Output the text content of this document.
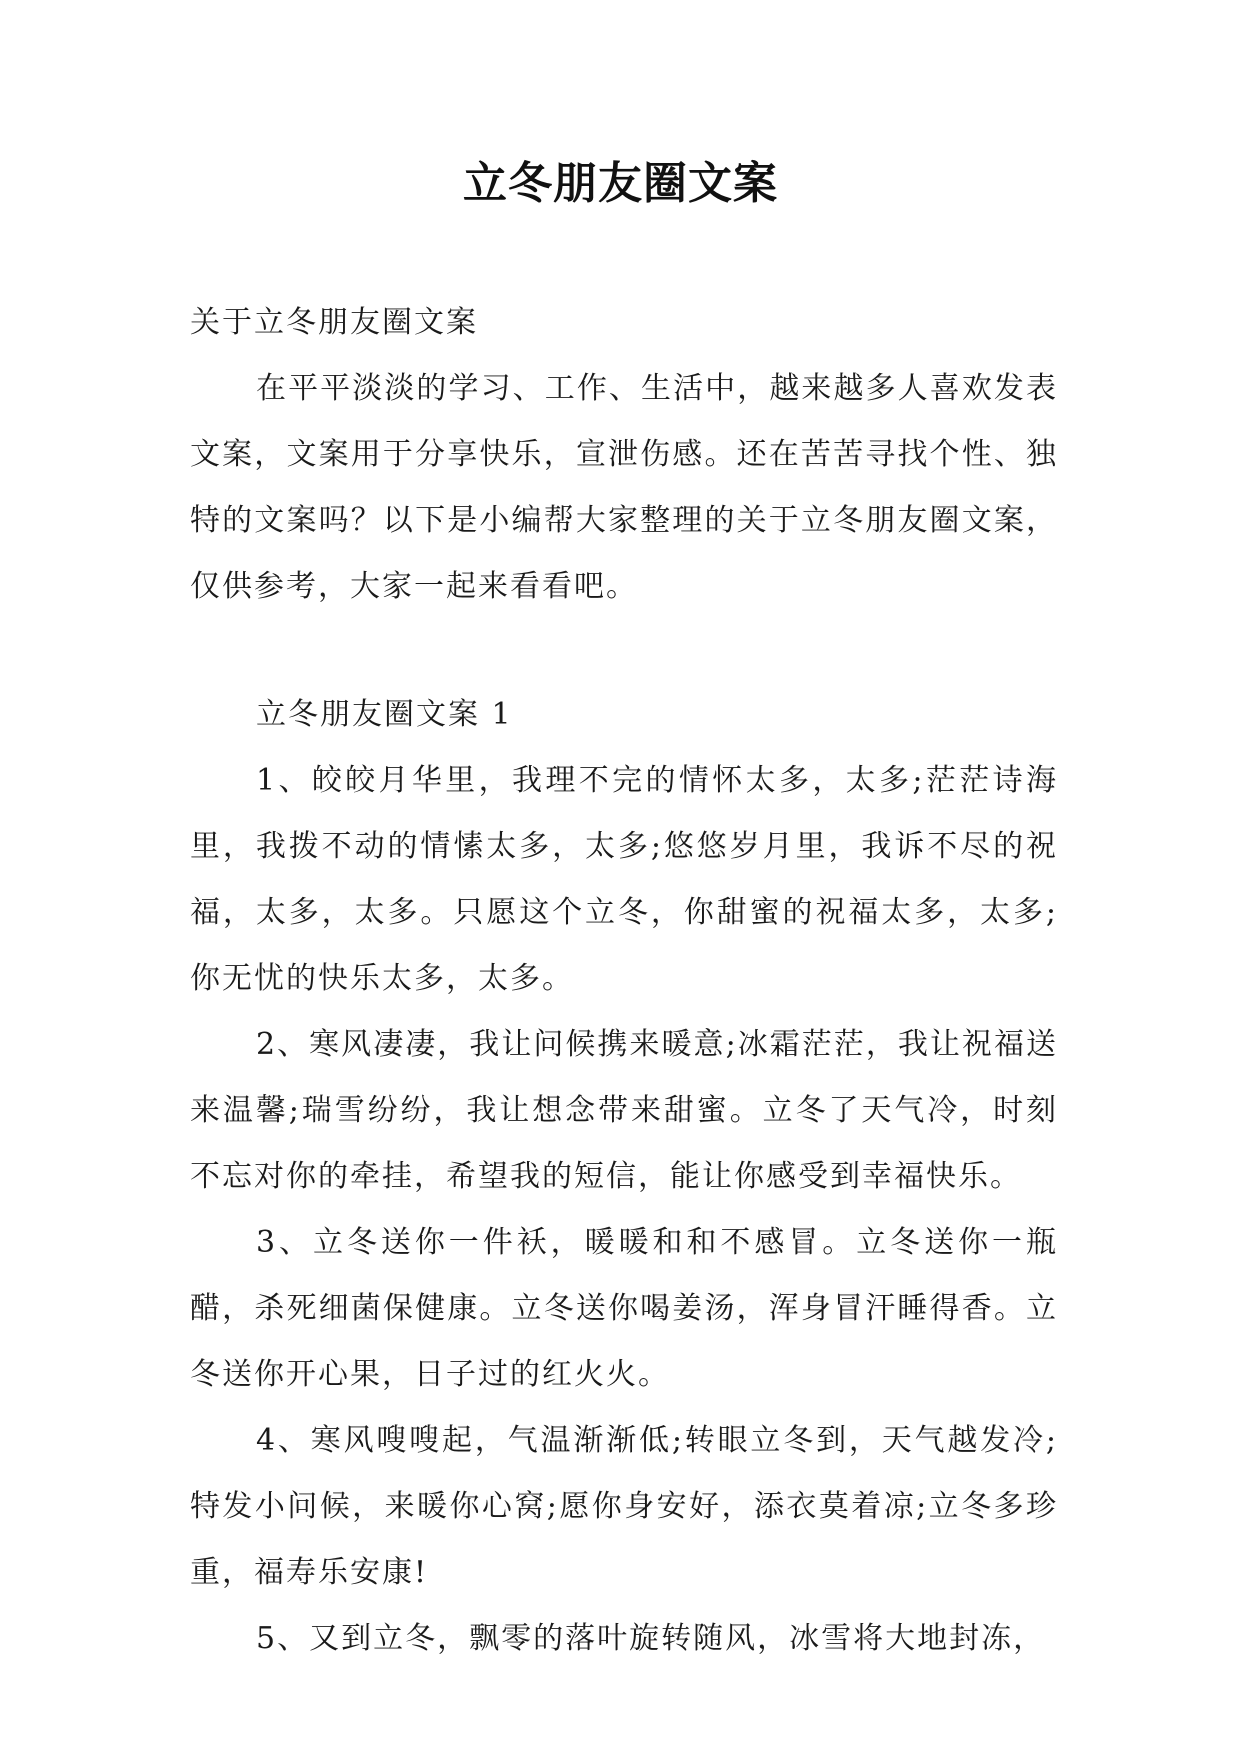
立冬朋友圈文案

关于立冬朋友圈文案

在平平淡淡的学习、工作、生活中，越来越多人喜欢发表文案，文案用于分享快乐，宣泄伤感。还在苦苦寻找个性、独特的文案吗？以下是小编帮大家整理的关于立冬朋友圈文案，仅供参考，大家一起来看看吧。

立冬朋友圈文案 1

1、皎皎月华里，我理不完的情怀太多，太多;茫茫诗海里，我拨不动的情愫太多，太多;悠悠岁月里，我诉不尽的祝福，太多，太多。只愿这个立冬，你甜蜜的祝福太多，太多;你无忧的快乐太多，太多。

2、寒风凄凄，我让问候携来暖意;冰霜茫茫，我让祝福送来温馨;瑞雪纷纷，我让想念带来甜蜜。立冬了天气冷，时刻不忘对你的牵挂，希望我的短信，能让你感受到幸福快乐。

3、立冬送你一件袄，暖暖和和不感冒。立冬送你一瓶醋，杀死细菌保健康。立冬送你喝姜汤，浑身冒汗睡得香。立冬送你开心果，日子过的红火火。

4、寒风嗖嗖起，气温渐渐低;转眼立冬到，天气越发冷;特发小问候，来暖你心窝;愿你身安好，添衣莫着凉;立冬多珍重，福寿乐安康!

5、又到立冬，飘零的落叶旋转随风，冰雪将大地封冻，
